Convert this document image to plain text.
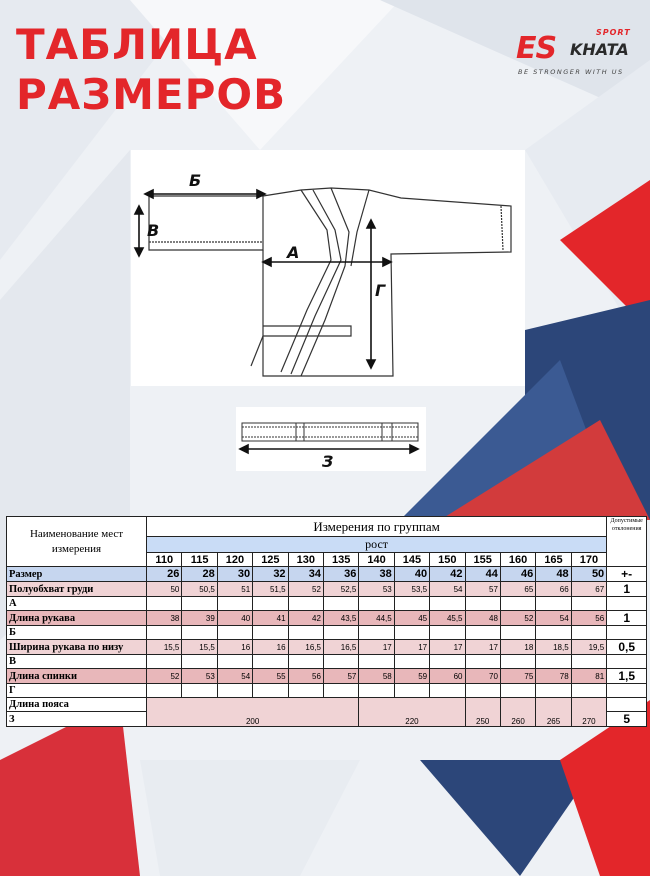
ТАБЛИЦА
РАЗМЕРОВ
SPORT
ES KHATA
BE STRONGER WITH US
Б
В
А
Г
З
Наименование мест измерения	Измерения по группам													Допустимые отклонения
	рост													
	110	115	120	125	130	135	140	145	150	155	160	165	170	
Размер	26	28	30	32	34	36	38	40	42	44	46	48	50	+-
Полуобхват груди	50	50,5	51	51,5	52	52,5	53	53,5	54	57	65	66	67	1
А														
Длина рукава	38	39	40	41	42	43,5	44,5	45	45,5	48	52	54	56	1
Б														
Ширина рукава по низу	15,5	15,5	16	16	16,5	16,5	17	17	17	17	18	18,5	19,5	0,5
В														
Длина спинки	52	53	54	55	56	57	58	59	60	70	75	78	81	1,5
Г														
Длина пояса	200						220			250	260	265	270	
З														5
